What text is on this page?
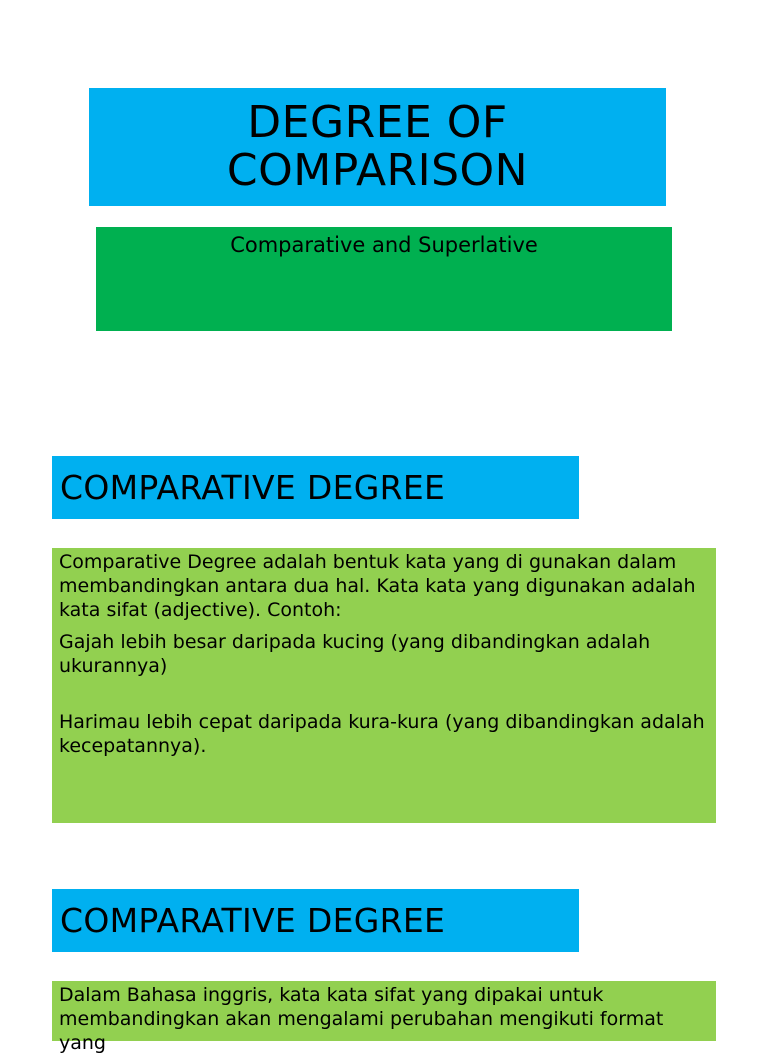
DEGREE OF
COMPARISON
Comparative and Superlative
COMPARATIVE DEGREE

Comparative Degree adalah bentuk kata yang di gunakan dalam membandingkan antara dua hal. Kata kata yang digunakan adalah kata sifat (adjective). Contoh:

Gajah lebih besar daripada kucing (yang dibandingkan adalah ukurannya)

Harimau lebih cepat daripada kura-kura (yang dibandingkan adalah kecepatannya).

COMPARATIVE DEGREE

Dalam Bahasa inggris, kata kata sifat yang dipakai untuk membandingkan akan mengalami perubahan mengikuti format yang
